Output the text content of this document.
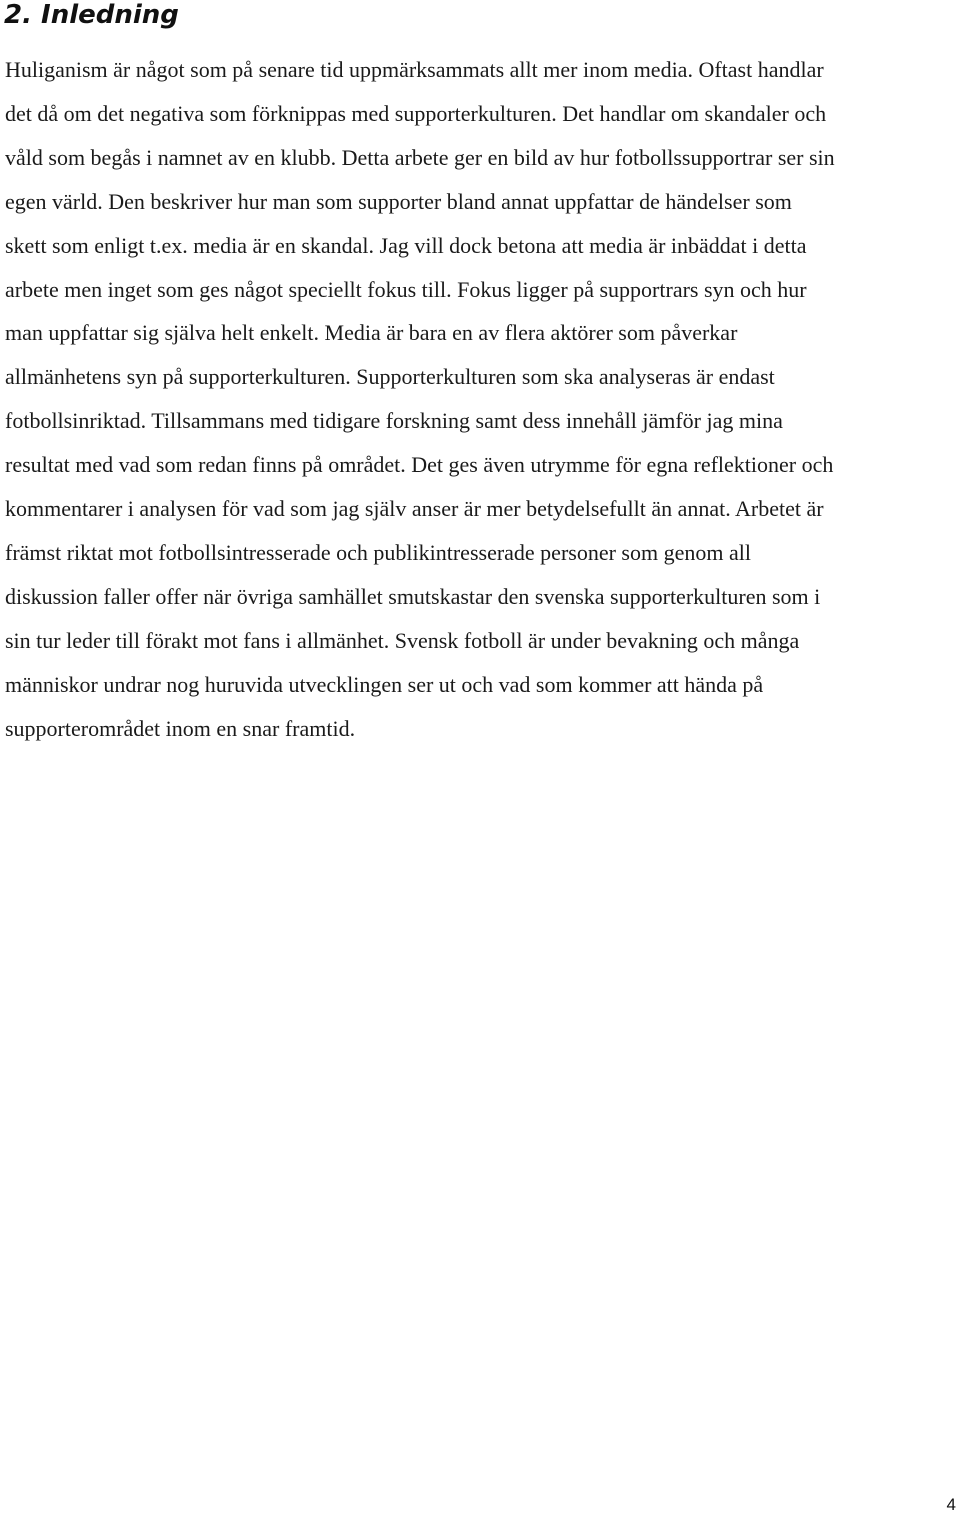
2. Inledning
Huliganism är något som på senare tid uppmärksammats allt mer inom media. Oftast handlar
det då om det negativa som förknippas med supporterkulturen. Det handlar om skandaler och
våld som begås i namnet av en klubb. Detta arbete ger en bild av hur fotbollssupportrar ser sin
egen värld. Den beskriver hur man som supporter bland annat uppfattar de händelser som
skett som enligt t.ex. media är en skandal. Jag vill dock betona att media är inbäddat i detta
arbete men inget som ges något speciellt fokus till. Fokus ligger på supportrars syn och hur
man uppfattar sig själva helt enkelt. Media är bara en av flera aktörer som påverkar
allmänhetens syn på supporterkulturen. Supporterkulturen som ska analyseras är endast
fotbollsinriktad. Tillsammans med tidigare forskning samt dess innehåll jämför jag mina
resultat med vad som redan finns på området. Det ges även utrymme för egna reflektioner och
kommentarer i analysen för vad som jag själv anser är mer betydelsefullt än annat. Arbetet är
främst riktat mot fotbollsintresserade och publikintresserade personer som genom all
diskussion faller offer när övriga samhället smutskastar den svenska supporterkulturen som i
sin tur leder till förakt mot fans i allmänhet. Svensk fotboll är under bevakning och många
människor undrar nog huruvida utvecklingen ser ut och vad som kommer att hända på
supporterområdet inom en snar framtid.
4
